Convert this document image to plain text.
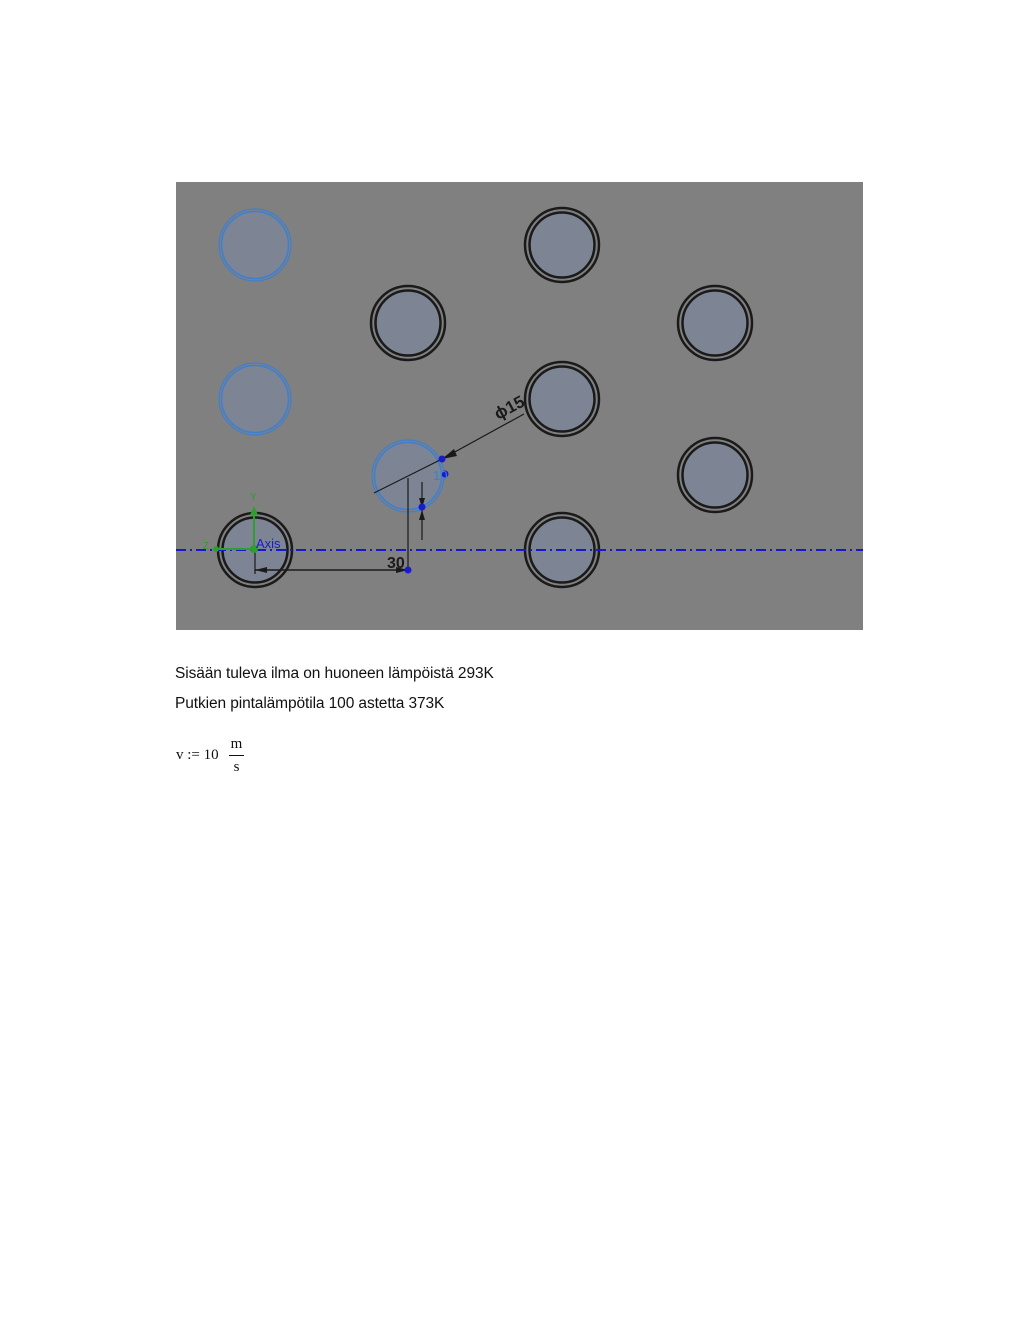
ϕ15
10
30
Y
Z	Axis
Sisään tuleva ilma on huoneen lämpöistä 293K
Putkien pintalämpötila 100 astetta 373K
v := 10
m
s
